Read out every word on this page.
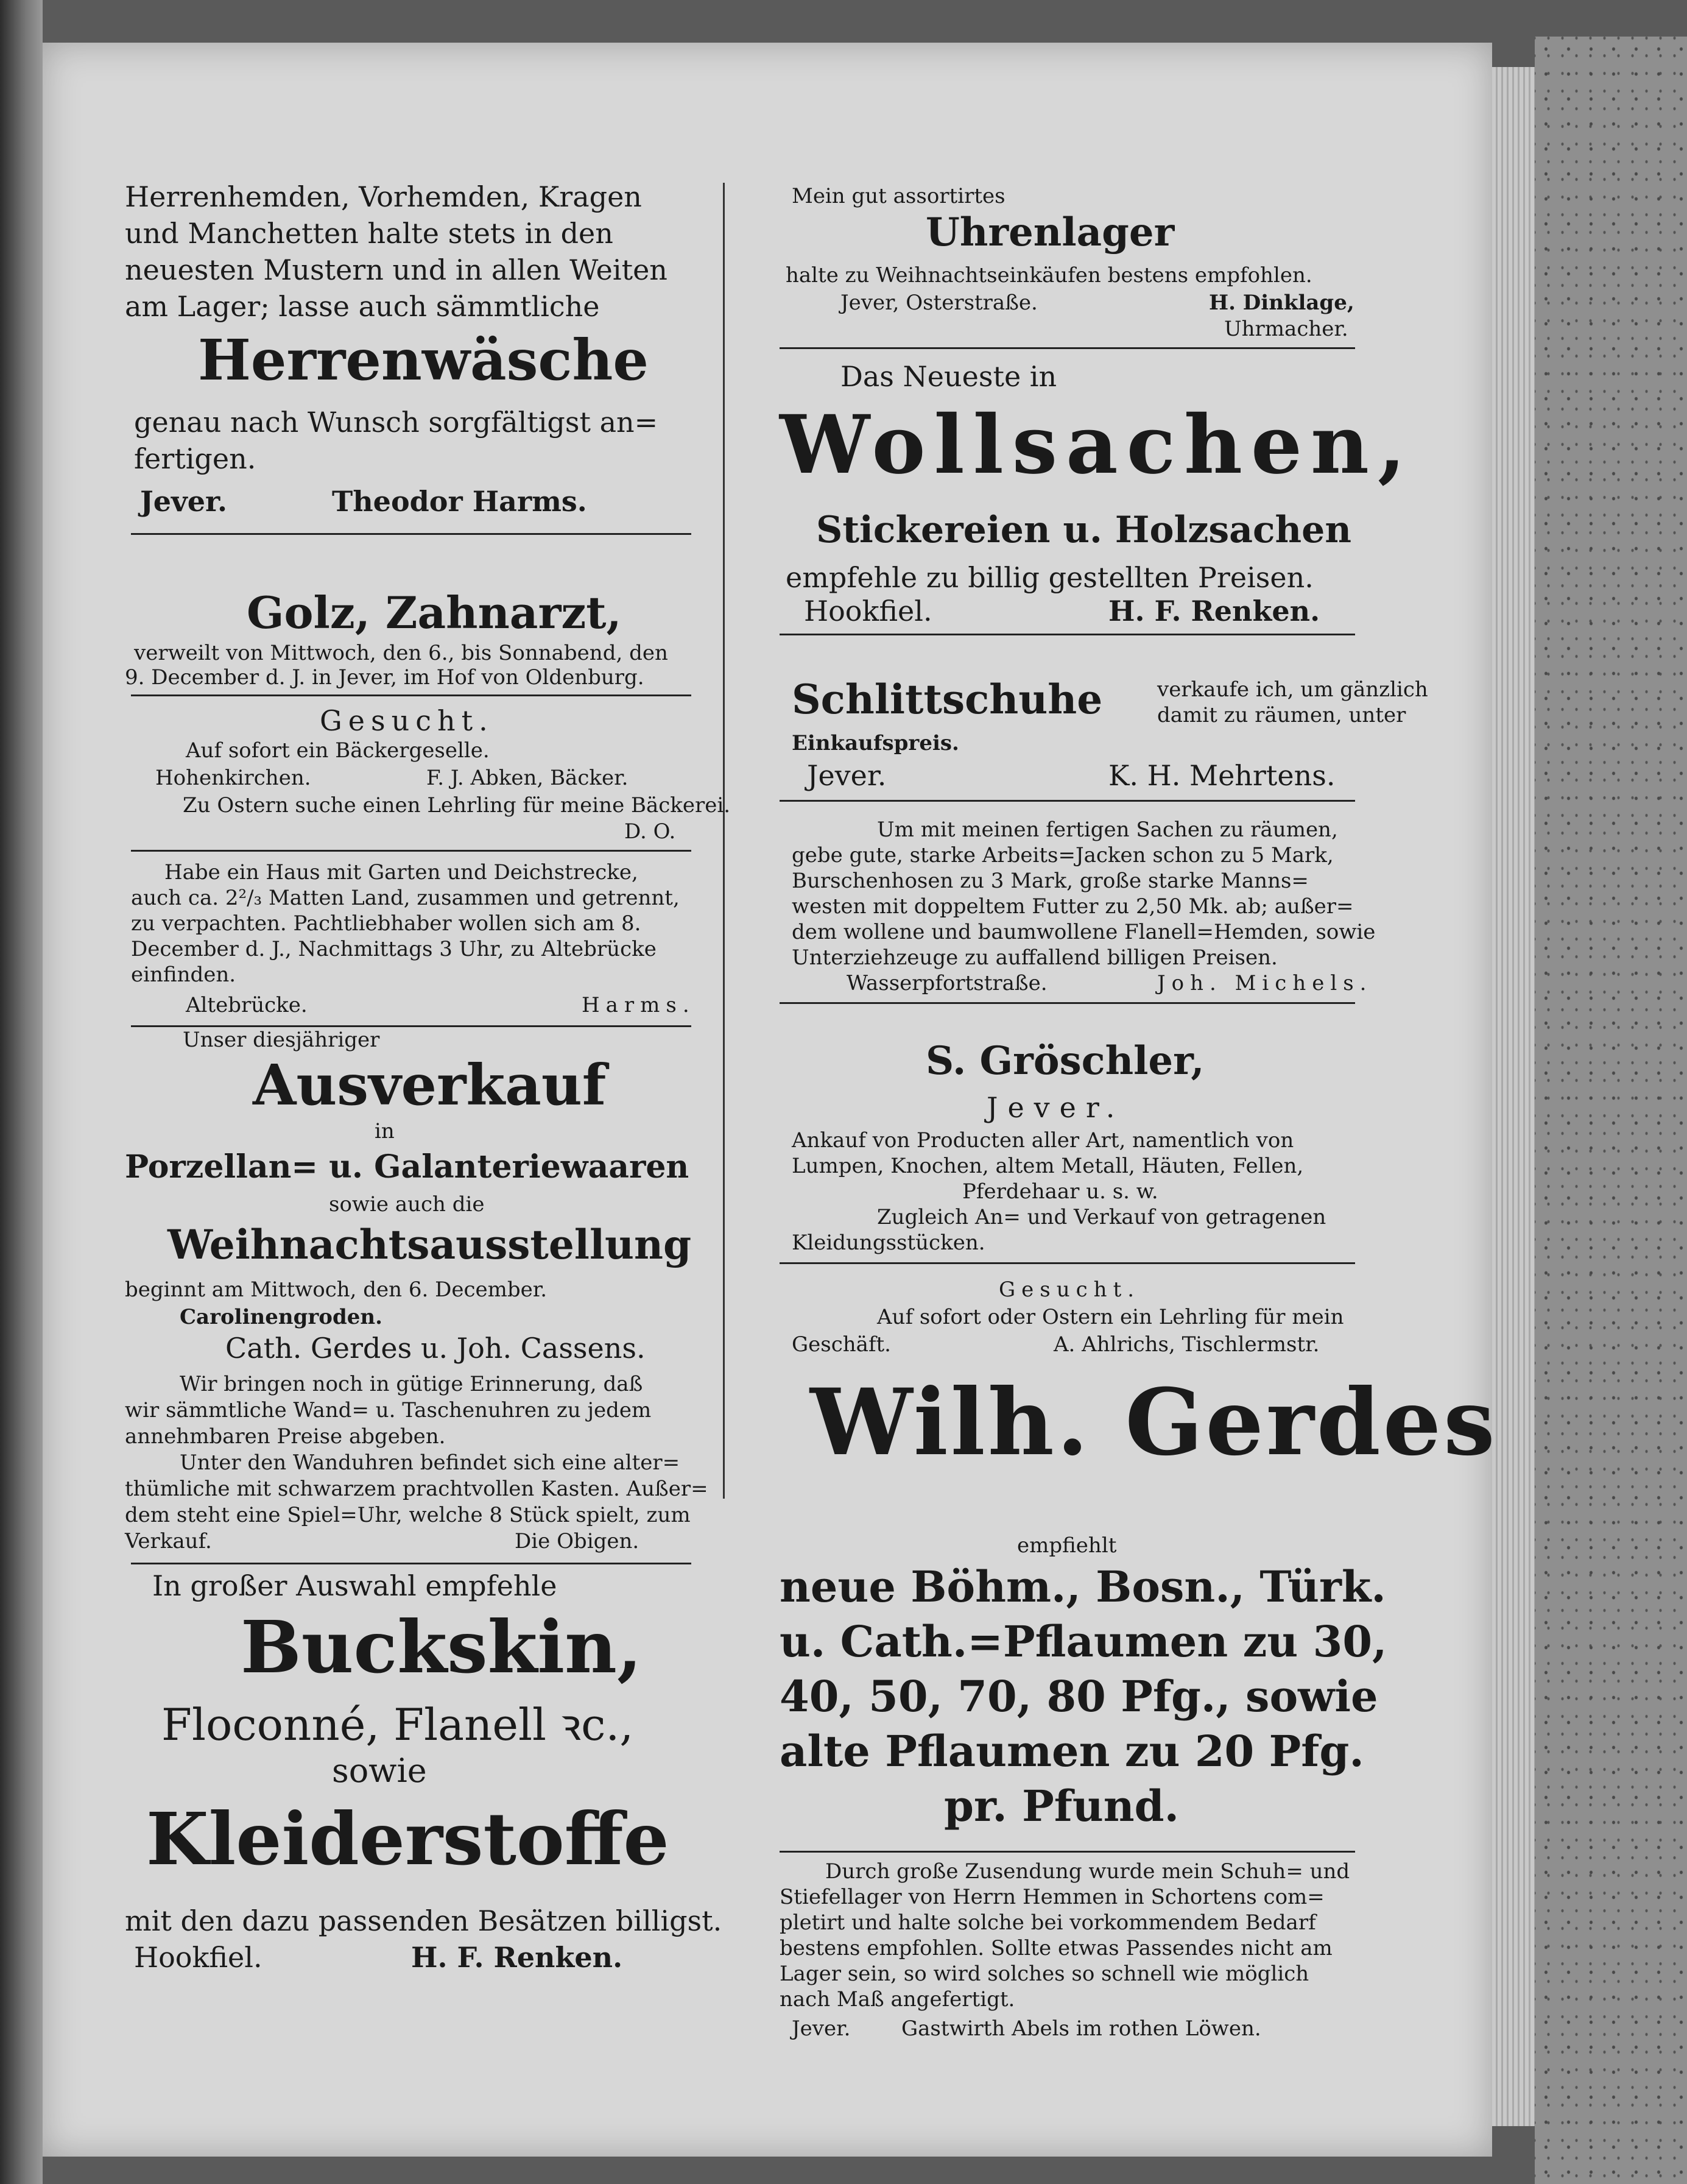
Herrenhemden, Vorhemden, Kragen
und Manchetten halte stets in den
neuesten Mustern und in allen Weiten
am Lager; lasse auch sämmtliche
Herrenwäsche
genau nach Wunsch sorgfältigst an=
fertigen.
Jever.	Theodor Harms.
Golz, Zahnarzt,
verweilt von Mittwoch, den 6., bis Sonnabend, den
9. December d. J. in Jever, im Hof von Oldenburg.
Gesucht.
Auf sofort ein Bäckergeselle.
Hohenkirchen.	F. J. Abken, Bäcker.
Zu Ostern suche einen Lehrling für meine Bäckerei.
D. O.
Habe ein Haus mit Garten und Deichstrecke,
auch ca. 2²/₃ Matten Land, zusammen und getrennt,
zu verpachten. Pachtliebhaber wollen sich am 8.
December d. J., Nachmittags 3 Uhr, zu Altebrücke
einfinden.
Altebrücke.	Harms.
Unser diesjähriger
Ausverkauf
in
Porzellan= u. Galanteriewaaren
sowie auch die
Weihnachtsausstellung
beginnt am Mittwoch, den 6. December.
Carolinengroden.
Cath. Gerdes u. Joh. Cassens.
Wir bringen noch in gütige Erinnerung, daß
wir sämmtliche Wand= u. Taschenuhren zu jedem
annehmbaren Preise abgeben.
Unter den Wanduhren befindet sich eine alter=
thümliche mit schwarzem prachtvollen Kasten. Außer=
dem steht eine Spiel=Uhr, welche 8 Stück spielt, zum
Verkauf.	Die Obigen.
In großer Auswahl empfehle
Buckskin,
Floconné, Flanell ꝛc.,
sowie
Kleiderstoffe
mit den dazu passenden Besätzen billigst.
Hookfiel.	H. F. Renken.
Mein gut assortirtes
Uhrenlager
halte zu Weihnachtseinkäufen bestens empfohlen.
Jever, Osterstraße.	H. Dinklage,
Uhrmacher.
Das Neueste in
Wollsachen,
Stickereien u. Holzsachen
empfehle zu billig gestellten Preisen.
Hookfiel.	H. F. Renken.
Schlittschuhe	verkaufe ich, um gänzlich
damit zu räumen, unter
Einkaufspreis.
Jever.	K. H. Mehrtens.
Um mit meinen fertigen Sachen zu räumen,
gebe gute, starke Arbeits=Jacken schon zu 5 Mark,
Burschenhosen zu 3 Mark, große starke Manns=
westen mit doppeltem Futter zu 2,50 Mk. ab; außer=
dem wollene und baumwollene Flanell=Hemden, sowie
Unterziehzeuge zu auffallend billigen Preisen.
Wasserpfortstraße.	Joh. Michels.
S. Gröschler,
Jever.
Ankauf von Producten aller Art, namentlich von
Lumpen, Knochen, altem Metall, Häuten, Fellen,
Pferdehaar u. s. w.
Zugleich An= und Verkauf von getragenen
Kleidungsstücken.
Gesucht.
Auf sofort oder Ostern ein Lehrling für mein
Geschäft.	A. Ahlrichs, Tischlermstr.
Wilh. Gerdes
empfiehlt
neue Böhm., Bosn., Türk.
u. Cath.=Pflaumen zu 30,
40, 50, 70, 80 Pfg., sowie
alte Pflaumen zu 20 Pfg.
pr. Pfund.
Durch große Zusendung wurde mein Schuh= und
Stiefellager von Herrn Hemmen in Schortens com=
pletirt und halte solche bei vorkommendem Bedarf
bestens empfohlen. Sollte etwas Passendes nicht am
Lager sein, so wird solches so schnell wie möglich
nach Maß angefertigt.
Jever. Gastwirth Abels im rothen Löwen.
